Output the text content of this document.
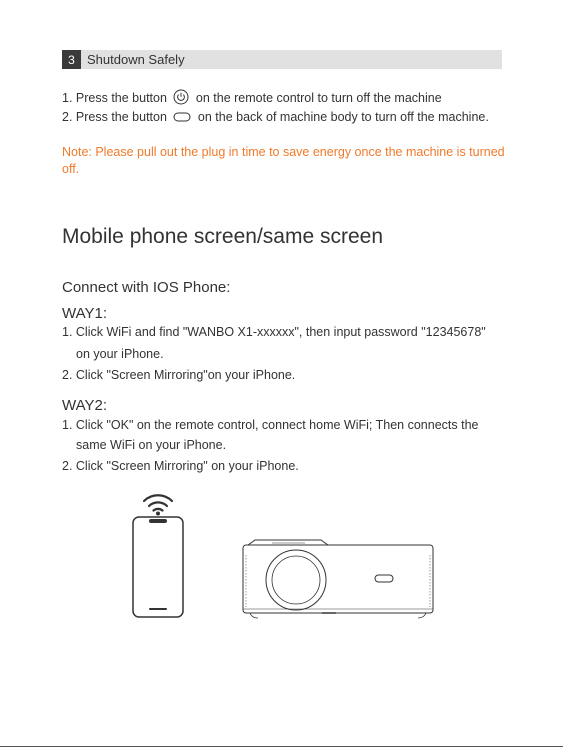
3 Shutdown Safely
1. Press the button on the remote control to turn off the machine
2. Press the button on the back of machine body to turn off the machine.
Note: Please pull out the plug in time to save energy once the machine is turned off.
Mobile phone screen/same screen
Connect with IOS Phone:
WAY1:
1. Click WiFi and find "WANBO X1-xxxxxx", then input password "12345678"
on your iPhone.
2. Click "Screen Mirroring"on your iPhone.
WAY2:
1. Click "OK" on the remote control, connect home WiFi; Then connects the
same WiFi on your iPhone.
2. Click "Screen Mirroring" on your iPhone.
